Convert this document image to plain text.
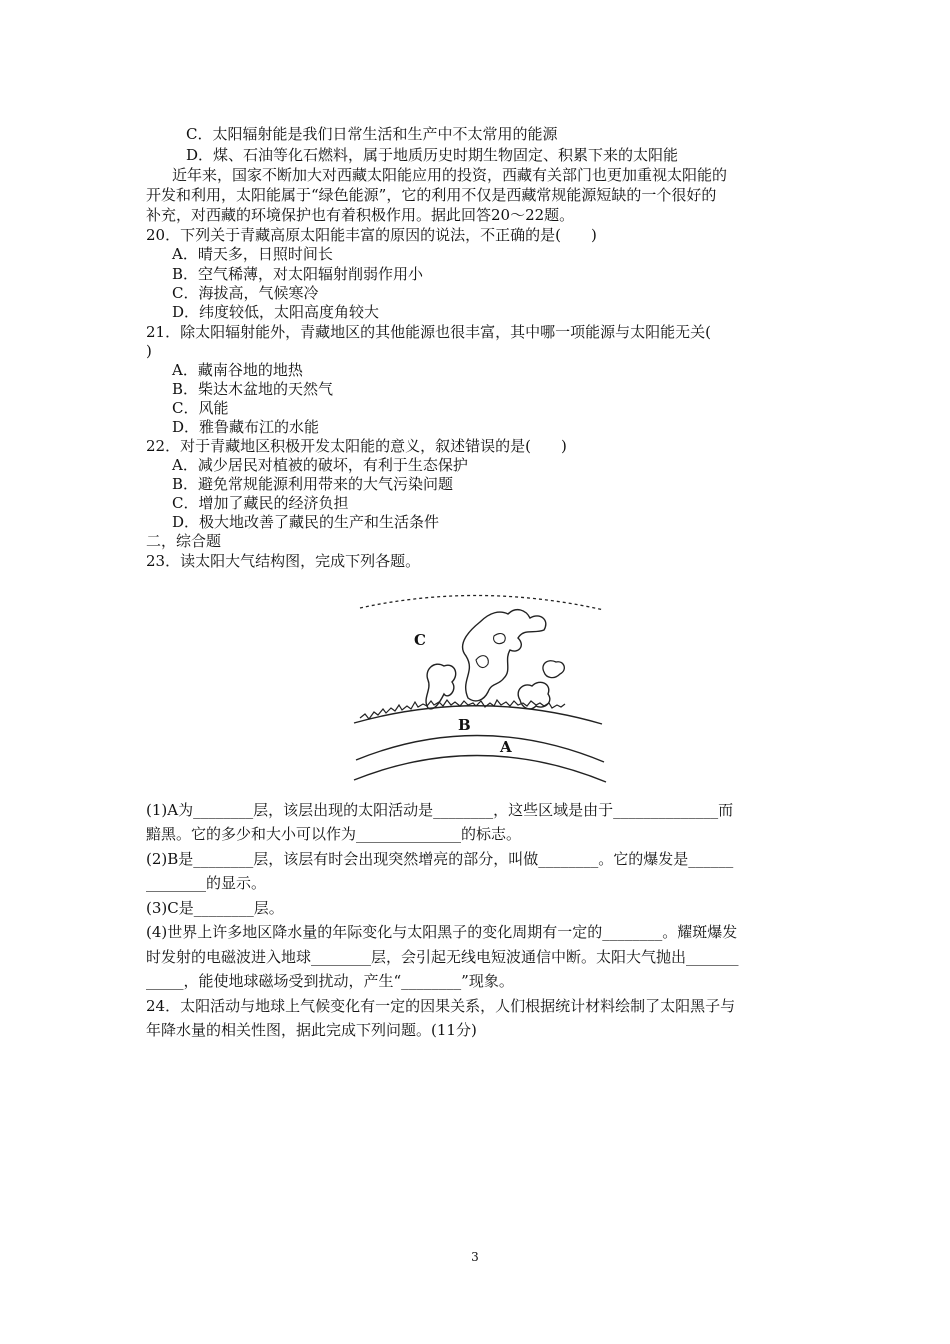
C．太阳辐射能是我们日常生活和生产中不太常用的能源
D．煤、石油等化石燃料，属于地质历史时期生物固定、积累下来的太阳能
近年来，国家不断加大对西藏太阳能应用的投资，西藏有关部门也更加重视太阳能的
开发和利用，太阳能属于“绿色能源”，它的利用不仅是西藏常规能源短缺的一个很好的
补充，对西藏的环境保护也有着积极作用。据此回答20～22题。
20．下列关于青藏高原太阳能丰富的原因的说法，不正确的是(　　)
A．晴天多，日照时间长
B．空气稀薄，对太阳辐射削弱作用小
C．海拔高，气候寒冷
D．纬度较低，太阳高度角较大
21．除太阳辐射能外，青藏地区的其他能源也很丰富，其中哪一项能源与太阳能无关(
)
A．藏南谷地的地热
B．柴达木盆地的天然气
C．风能
D．雅鲁藏布江的水能
22．对于青藏地区积极开发太阳能的意义，叙述错误的是(　　)
A．减少居民对植被的破坏，有利于生态保护
B．避免常规能源利用带来的大气污染问题
C．增加了藏民的经济负担
D．极大地改善了藏民的生产和生活条件
二，综合题
23．读太阳大气结构图，完成下列各题。
C
B
A
(1)A为________层，该层出现的太阳活动是________，这些区域是由于______________而
黯黑。它的多少和大小可以作为______________的标志。
(2)B是________层，该层有时会出现突然增亮的部分，叫做________。它的爆发是______
________的显示。
(3)C是________层。
(4)世界上许多地区降水量的年际变化与太阳黑子的变化周期有一定的________。耀斑爆发
时发射的电磁波进入地球________层，会引起无线电短波通信中断。太阳大气抛出_______
_____，能使地球磁场受到扰动，产生“________”现象。
24．太阳活动与地球上气候变化有一定的因果关系，人们根据统计材料绘制了太阳黑子与
年降水量的相关性图，据此完成下列问题。(11分)
3
